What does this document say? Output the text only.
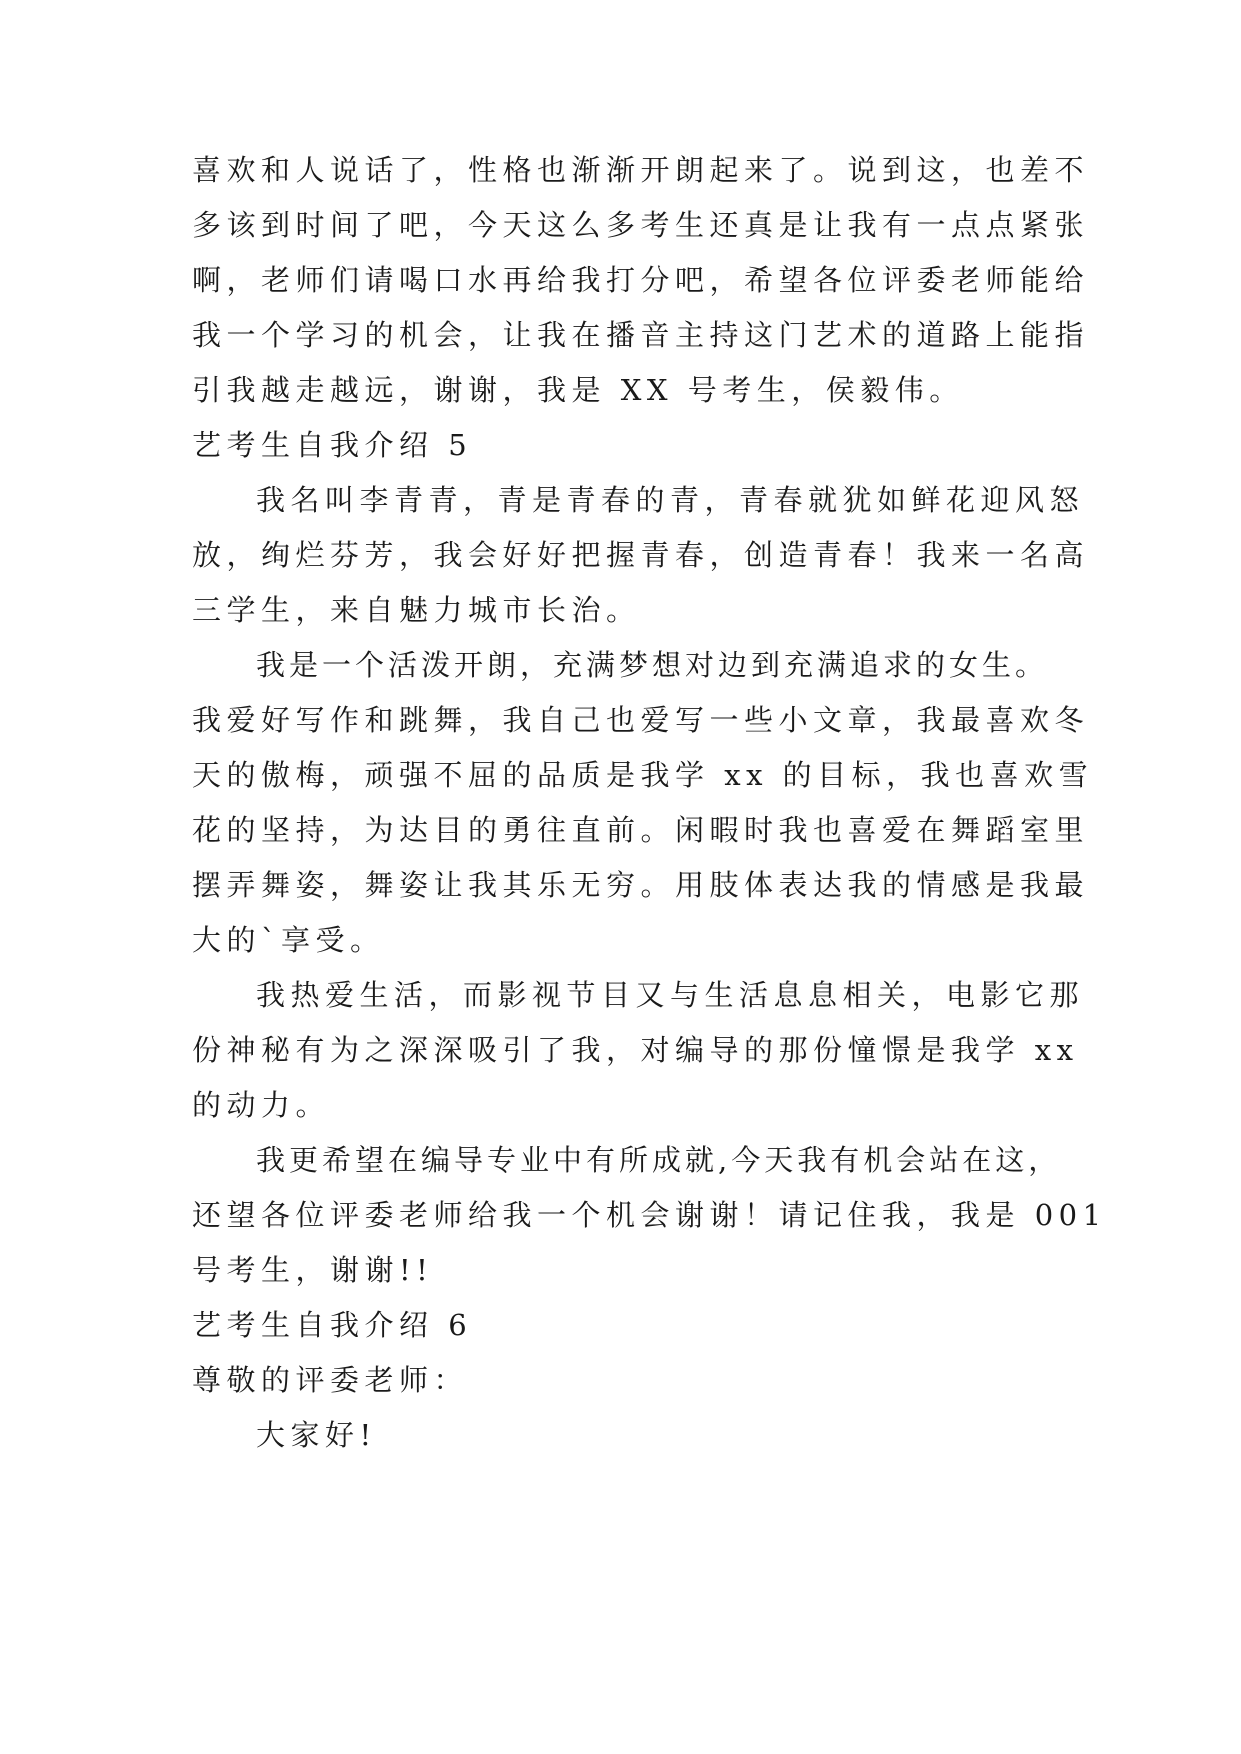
喜欢和人说话了，性格也渐渐开朗起来了。说到这，也差不

多该到时间了吧，今天这么多考生还真是让我有一点点紧张

啊，老师们请喝口水再给我打分吧，希望各位评委老师能给

我一个学习的机会，让我在播音主持这门艺术的道路上能指

引我越走越远，谢谢，我是 XX 号考生，侯毅伟。

艺考生自我介绍 5

我名叫李青青，青是青春的青，青春就犹如鲜花迎风怒

放，绚烂芬芳，我会好好把握青春，创造青春！我来一名高

三学生，来自魅力城市长治。

我是一个活泼开朗，充满梦想对边到充满追求的女生。

我爱好写作和跳舞，我自己也爱写一些小文章，我最喜欢冬

天的傲梅，顽强不屈的品质是我学 xx 的目标，我也喜欢雪

花的坚持，为达目的勇往直前。闲暇时我也喜爱在舞蹈室里

摆弄舞姿，舞姿让我其乐无穷。用肢体表达我的情感是我最

大的`享受。

我热爱生活，而影视节目又与生活息息相关，电影它那

份神秘有为之深深吸引了我，对编导的那份憧憬是我学 xx

的动力。

我更希望在编导专业中有所成就,今天我有机会站在这，

还望各位评委老师给我一个机会谢谢！请记住我，我是 001

号考生，谢谢!!

艺考生自我介绍 6

尊敬的评委老师：

大家好!
